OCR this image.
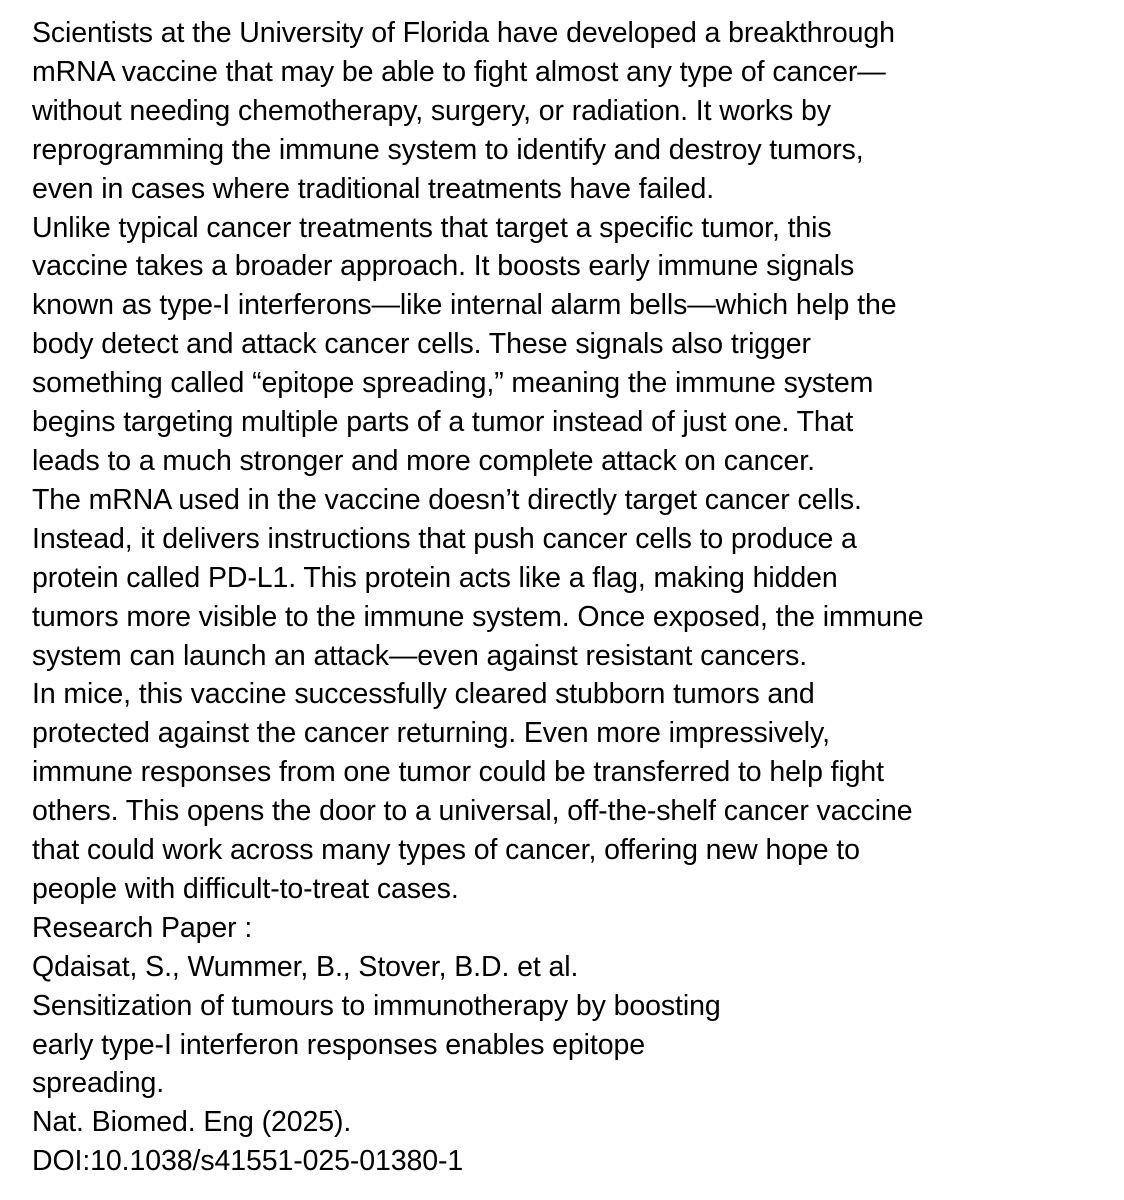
Scientists at the University of Florida have developed a breakthrough
mRNA vaccine that may be able to fight almost any type of cancer—
without needing chemotherapy, surgery, or radiation. It works by
reprogramming the immune system to identify and destroy tumors,
even in cases where traditional treatments have failed.
Unlike typical cancer treatments that target a specific tumor, this
vaccine takes a broader approach. It boosts early immune signals
known as type-I interferons—like internal alarm bells—which help the
body detect and attack cancer cells. These signals also trigger
something called “epitope spreading,” meaning the immune system
begins targeting multiple parts of a tumor instead of just one. That
leads to a much stronger and more complete attack on cancer.
The mRNA used in the vaccine doesn’t directly target cancer cells.
Instead, it delivers instructions that push cancer cells to produce a
protein called PD-L1. This protein acts like a flag, making hidden
tumors more visible to the immune system. Once exposed, the immune
system can launch an attack—even against resistant cancers.
In mice, this vaccine successfully cleared stubborn tumors and
protected against the cancer returning. Even more impressively,
immune responses from one tumor could be transferred to help fight
others. This opens the door to a universal, off-the-shelf cancer vaccine
that could work across many types of cancer, offering new hope to
people with difficult-to-treat cases.
Research Paper :
Qdaisat, S., Wummer, B., Stover, B.D. et al.
Sensitization of tumours to immunotherapy by boosting
early type-I interferon responses enables epitope
spreading.
Nat. Biomed. Eng (2025).
DOI:10.1038/s41551-025-01380-1
